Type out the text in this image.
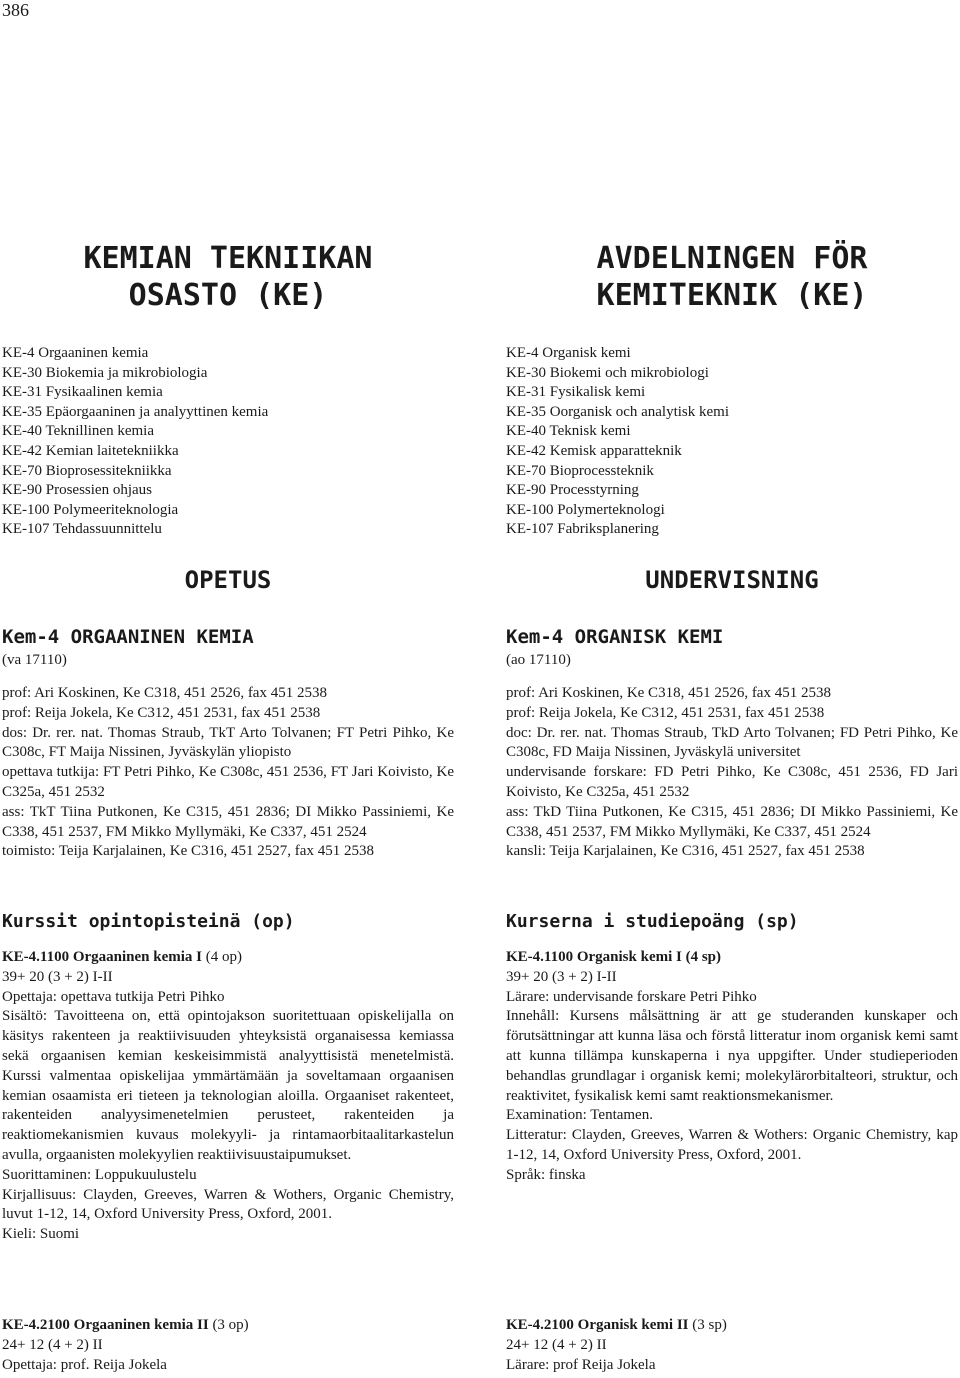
386
KEMIAN TEKNIIKAN
OSASTO (KE)
KE-4 Orgaaninen kemia
KE-30 Biokemia ja mikrobiologia
KE-31 Fysikaalinen kemia
KE-35 Epäorgaaninen ja analyyttinen kemia
KE-40 Teknillinen kemia
KE-42 Kemian laitetekniikka
KE-70 Bioprosessitekniikka
KE-90 Prosessien ohjaus
KE-100 Polymeeriteknologia
KE-107 Tehdassuunnittelu
OPETUS
Kem-4 ORGAANINEN KEMIA
(va 17110)

prof: Ari Koskinen, Ke C318, 451 2526, fax 451 2538

prof: Reija Jokela, Ke C312, 451 2531, fax 451 2538

dos: Dr. rer. nat. Thomas Straub, TkT Arto Tolvanen; FT Petri Pihko, Ke C308c, FT Maija Nissinen, Jyväskylän yliopisto

opettava tutkija: FT Petri Pihko, Ke C308c, 451 2536, FT Jari Koivisto, Ke C325a, 451 2532

ass: TkT Tiina Putkonen, Ke C315, 451 2836; DI Mikko Passiniemi, Ke C338, 451 2537, FM Mikko Myllymäki, Ke C337, 451 2524

toimisto: Teija Karjalainen, Ke C316, 451 2527, fax 451 2538

Kurssit opintopisteinä (op)

KE-4.1100 Orgaaninen kemia I (4 op)

39+ 20 (3 + 2) I-II

Opettaja: opettava tutkija Petri Pihko

Sisältö: Tavoitteena on, että opintojakson suoritettuaan opiskelijalla on käsitys rakenteen ja reaktiivisuuden yhteyksistä organaisessa kemiassa sekä orgaanisen kemian keskeisimmistä analyyttisistä menetelmistä. Kurssi valmentaa opiskelijaa ymmärtämään ja soveltamaan orgaanisen kemian osaamista eri tieteen ja teknologian aloilla. Orgaaniset rakenteet, rakenteiden analyysimenetelmien perusteet, rakenteiden ja reaktiomekanismien kuvaus molekyyli- ja rintamaorbitaalitarkastelun avulla, orgaanisten molekyylien reaktiivisuustaipumukset.

Suorittaminen: Loppukuulustelu

Kirjallisuus: Clayden, Greeves, Warren & Wothers, Organic Chemistry, luvut 1-12, 14, Oxford University Press, Oxford, 2001.

Kieli: Suomi

KE-4.2100 Orgaaninen kemia II (3 op)

24+ 12 (4 + 2) II

Opettaja: prof. Reija Jokela

AVDELNINGEN FÖR
KEMITEKNIK (KE)
KE-4 Organisk kemi
KE-30 Biokemi och mikrobiologi
KE-31 Fysikalisk kemi
KE-35 Oorganisk och analytisk kemi
KE-40 Teknisk kemi
KE-42 Kemisk apparatteknik
KE-70 Bioprocessteknik
KE-90 Processtyrning
KE-100 Polymerteknologi
KE-107 Fabriksplanering
UNDERVISNING
Kem-4 ORGANISK KEMI
(ao 17110)

prof: Ari Koskinen, Ke C318, 451 2526, fax 451 2538

prof: Reija Jokela, Ke C312, 451 2531, fax 451 2538

doc: Dr. rer. nat. Thomas Straub, TkD Arto Tolvanen; FD Petri Pihko, Ke C308c, FD Maija Nissinen, Jyväskylä universitet

undervisande forskare: FD Petri Pihko, Ke C308c, 451 2536, FD Jari Koivisto, Ke C325a, 451 2532

ass: TkD Tiina Putkonen, Ke C315, 451 2836; DI Mikko Passiniemi, Ke C338, 451 2537, FM Mikko Myllymäki, Ke C337, 451 2524

kansli: Teija Karjalainen, Ke C316, 451 2527, fax 451 2538

Kurserna i studiepoäng (sp)

KE-4.1100 Organisk kemi I (4 sp)

39+ 20 (3 + 2) I-II

Lärare: undervisande forskare Petri Pihko

Innehåll: Kursens målsättning är att ge studeranden kunskaper och förutsättningar att kunna läsa och förstå litteratur inom organisk kemi samt att kunna tillämpa kunskaperna i nya uppgifter. Under studieperioden behandlas grundlagar i organisk kemi; molekylärorbitalteori, struktur, och reaktivitet, fysikalisk kemi samt reaktionsmekanismer.

Examination: Tentamen.

Litteratur: Clayden, Greeves, Warren & Wothers: Organic Chemistry, kap 1-12, 14, Oxford University Press, Oxford, 2001.

Språk: finska

KE-4.2100 Organisk kemi II (3 sp)

24+ 12 (4 + 2) II

Lärare: prof Reija Jokela
